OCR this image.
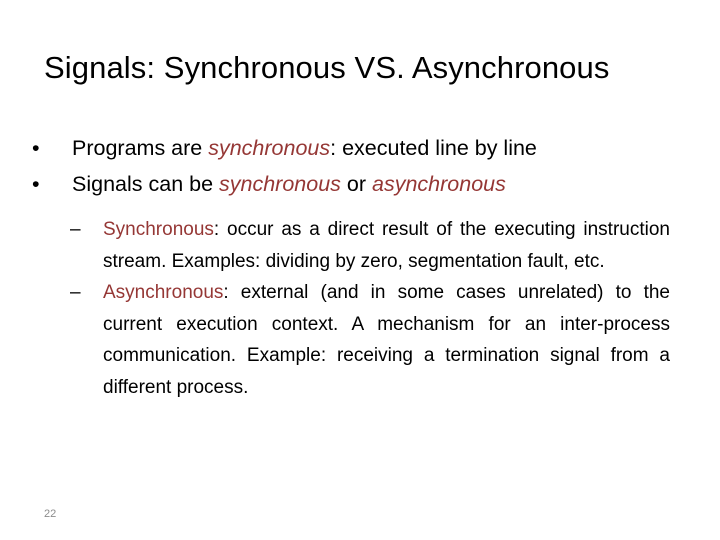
Signals: Synchronous VS. Asynchronous
• Programs are synchronous: executed line by line
• Signals can be synchronous or asynchronous
– Synchronous: occur as a direct result of the executing instruction stream. Examples: dividing by zero, segmentation fault, etc.
– Asynchronous: external (and in some cases unrelated) to the current execution context. A mechanism for an inter-process communication. Example: receiving a termination signal from a different process.
22
